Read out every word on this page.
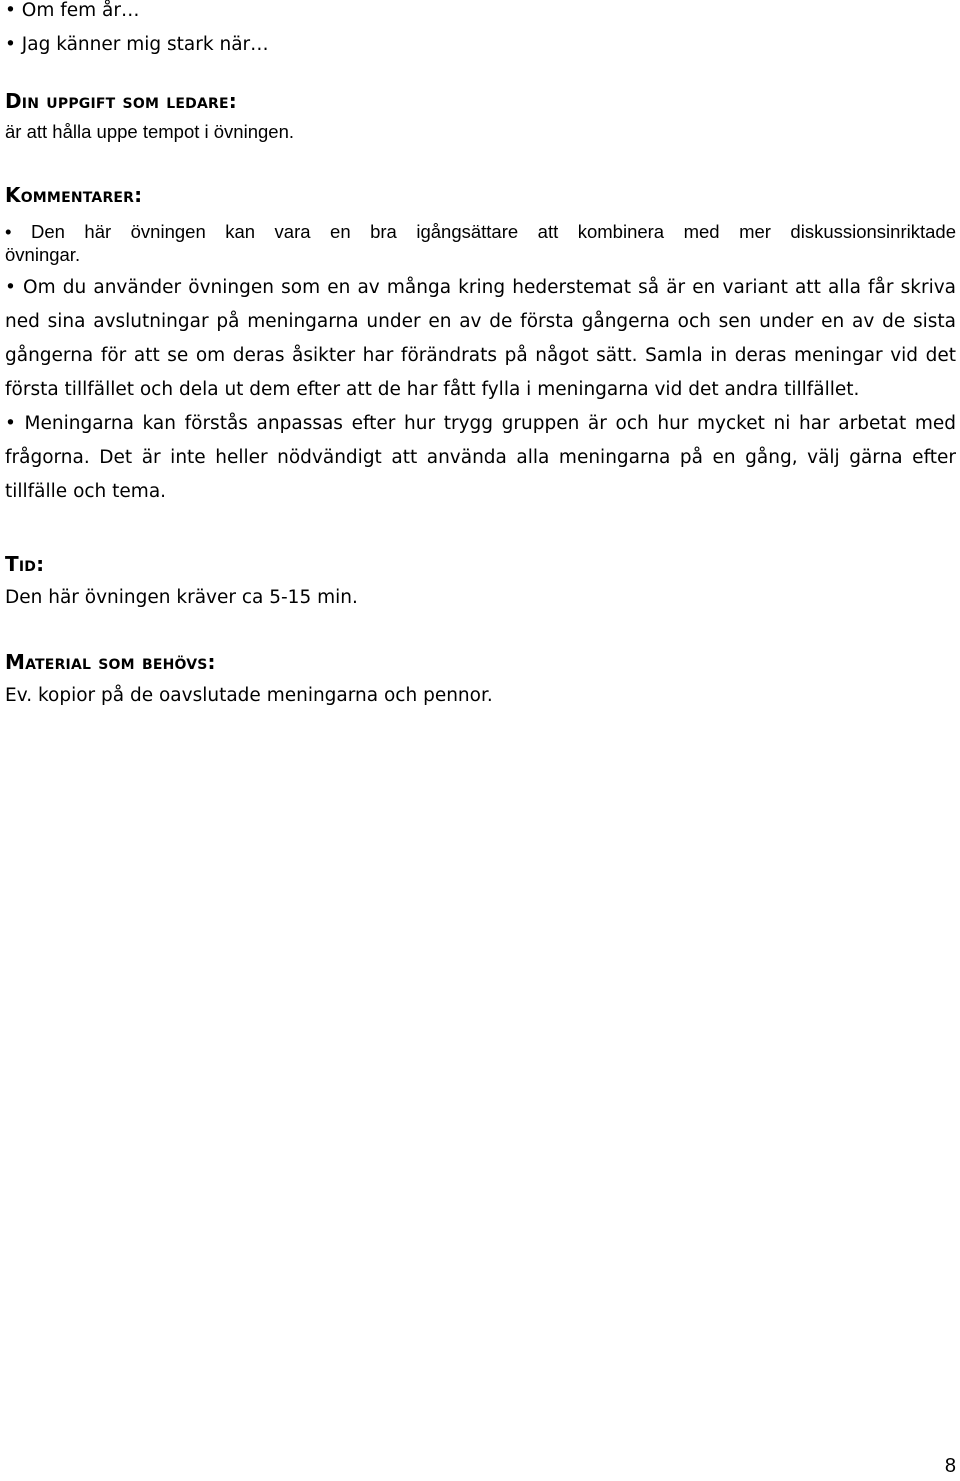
• Om fem år…
• Jag känner mig stark när…
Din uppgift som ledare:
är att hålla uppe tempot i övningen.
Kommentarer:
• Den här övningen kan vara en bra igångsättare att kombinera med mer diskussionsinriktade
övningar.
• Om du använder övningen som en av många kring hederstemat så är en variant att alla får skriva ned sina avslutningar på meningarna under en av de första gångerna och sen under en av de sista gångerna för att se om deras åsikter har förändrats på något sätt. Samla in deras meningar vid det första tillfället och dela ut dem efter att de har fått fylla i meningarna vid det andra tillfället.
• Meningarna kan förstås anpassas efter hur trygg gruppen är och hur mycket ni har arbetat med frågorna. Det är inte heller nödvändigt att använda alla meningarna på en gång, välj gärna efter tillfälle och tema.
Tid:
Den här övningen kräver ca 5-15 min.
Material som behövs:
Ev. kopior på de oavslutade meningarna och pennor.
8
